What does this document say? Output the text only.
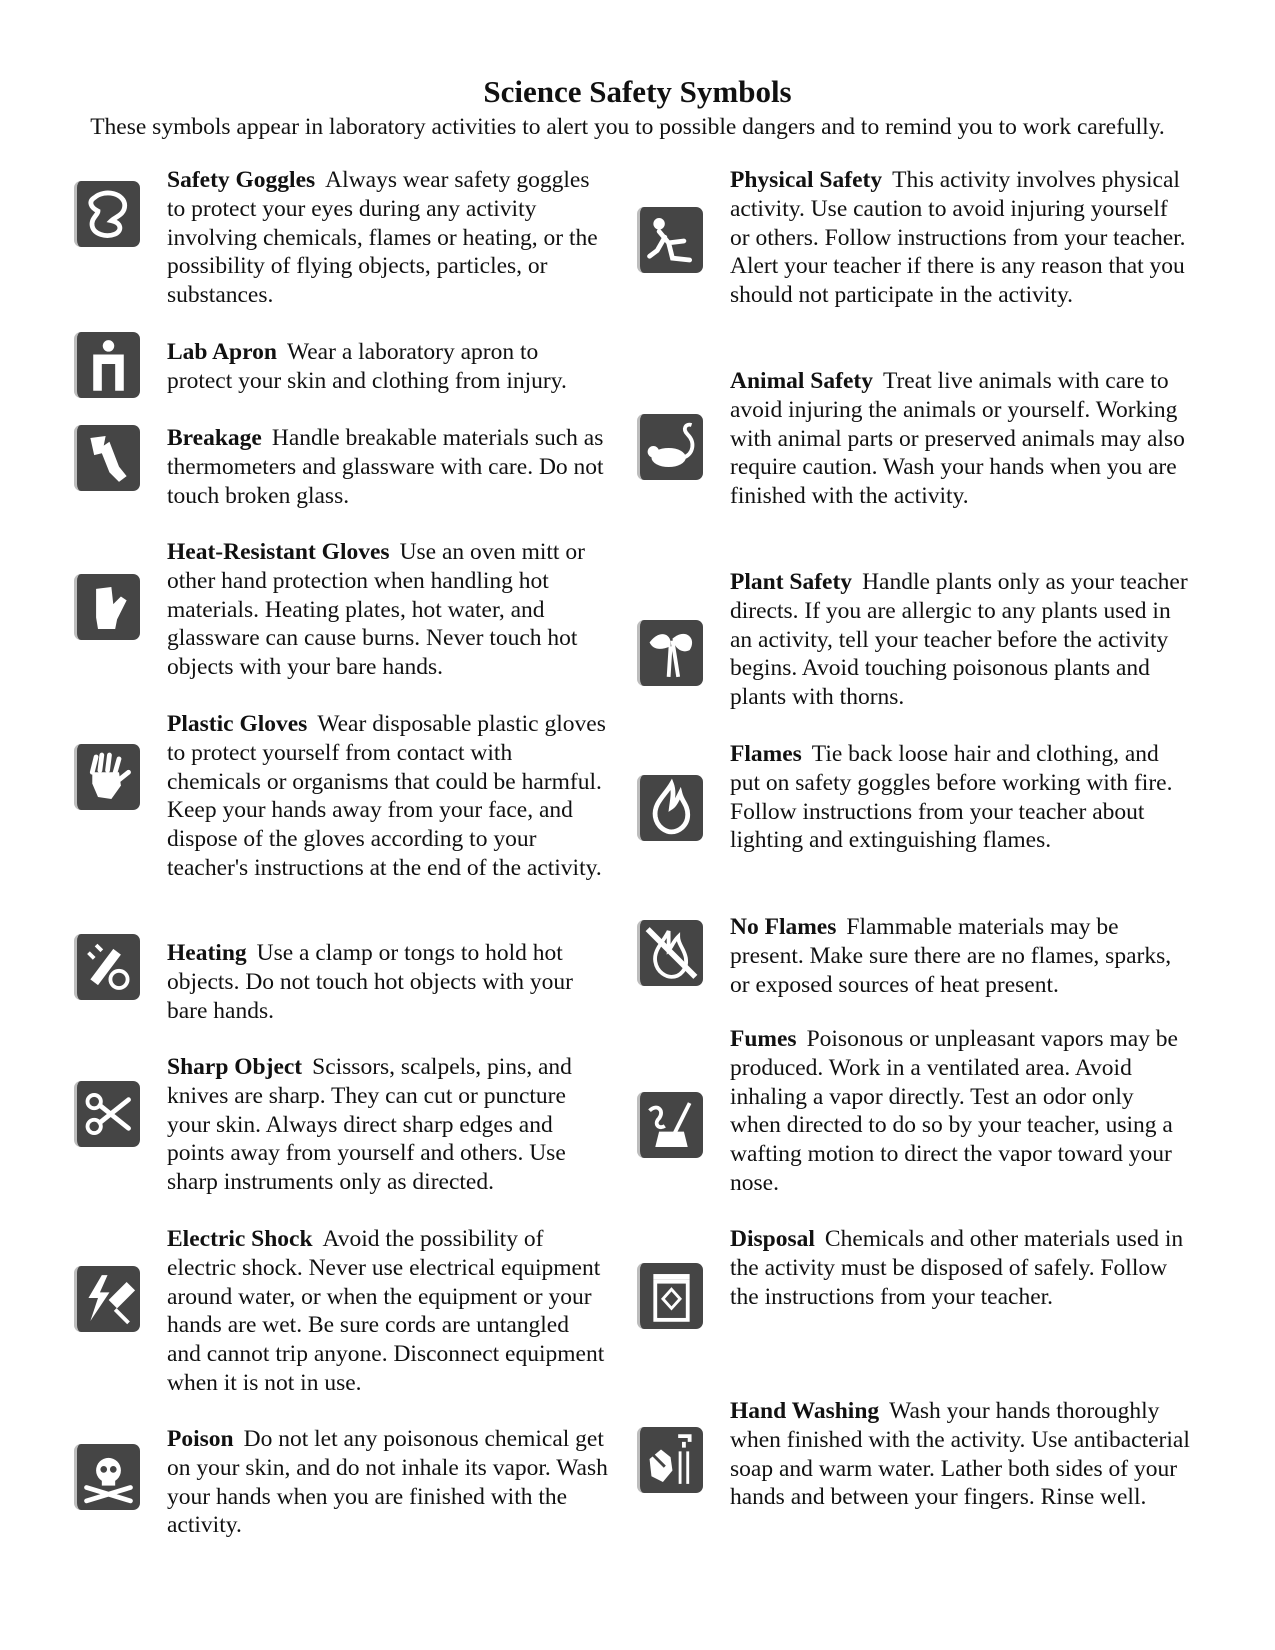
Science Safety Symbols

These symbols appear in laboratory activities to alert you to possible dangers and to remind you to work carefully.

Safety Goggles Always wear safety goggles to protect your eyes during any activity involving chemicals, flames or heating, or the possibility of flying objects, particles, or substances.

Lab Apron Wear a laboratory apron to protect your skin and clothing from injury.

Breakage Handle breakable materials such as thermometers and glassware with care. Do not touch broken glass.

Heat-Resistant Gloves Use an oven mitt or other hand protection when handling hot materials. Heating plates, hot water, and glassware can cause burns. Never touch hot objects with your bare hands.

Plastic Gloves Wear disposable plastic gloves to protect yourself from contact with chemicals or organisms that could be harmful. Keep your hands away from your face, and dispose of the gloves according to your teacher's instructions at the end of the activity.

Heating Use a clamp or tongs to hold hot objects. Do not touch hot objects with your bare hands.

Sharp Object Scissors, scalpels, pins, and knives are sharp. They can cut or puncture your skin. Always direct sharp edges and points away from yourself and others. Use sharp instruments only as directed.

Electric Shock Avoid the possibility of electric shock. Never use electrical equipment around water, or when the equipment or your hands are wet. Be sure cords are untangled and cannot trip anyone. Disconnect equipment when it is not in use.

Poison Do not let any poisonous chemical get on your skin, and do not inhale its vapor. Wash your hands when you are finished with the activity.

Physical Safety This activity involves physical activity. Use caution to avoid injuring yourself or others. Follow instructions from your teacher. Alert your teacher if there is any reason that you should not participate in the activity.

Animal Safety Treat live animals with care to avoid injuring the animals or yourself. Working with animal parts or preserved animals may also require caution. Wash your hands when you are finished with the activity.

Plant Safety Handle plants only as your teacher directs. If you are allergic to any plants used in an activity, tell your teacher before the activity begins. Avoid touching poisonous plants and plants with thorns.

Flames Tie back loose hair and clothing, and put on safety goggles before working with fire. Follow instructions from your teacher about lighting and extinguishing flames.

No Flames Flammable materials may be present. Make sure there are no flames, sparks, or exposed sources of heat present.

Fumes Poisonous or unpleasant vapors may be produced. Work in a ventilated area. Avoid inhaling a vapor directly. Test an odor only when directed to do so by your teacher, using a wafting motion to direct the vapor toward your nose.

Disposal Chemicals and other materials used in the activity must be disposed of safely. Follow the instructions from your teacher.

Hand Washing Wash your hands thoroughly when finished with the activity. Use antibacterial soap and warm water. Lather both sides of your hands and between your fingers. Rinse well.
